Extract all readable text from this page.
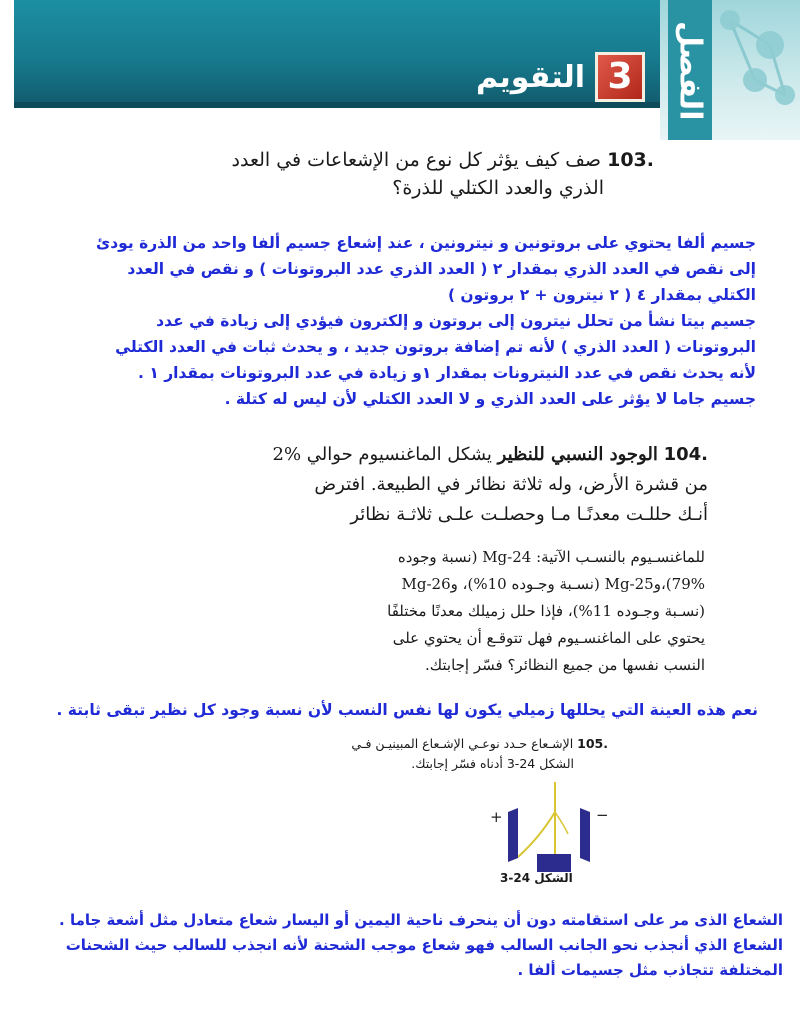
التقويم 3	الفصل
.103 صف كيف يؤثر كل نوع من الإشعاعات في العدد
الذري والعدد الكتلي للذرة؟
جسيم ألفا يحتوي على بروتونين و نيترونين ، عند إشعاع جسيم ألفا واحد من الذرة يودئ
إلى نقص في العدد الذري بمقدار ٢ ( العدد الذري عدد البروتونات ) و نقص في العدد
الكتلي بمقدار ٤ ( ٢ نيترون + ٢ بروتون )
جسيم بيتا نشأ من تحلل نيترون إلى بروتون و إلكترون فيؤدي إلى زيادة في عدد
البروتونات ( العدد الذري ) لأنه تم إضافة بروتون جديد ، و يحدث ثبات في العدد الكتلي
لأنه يحدث نقص في عدد النيترونات بمقدار ١و زيادة في عدد البروتونات بمقدار ١ .
جسيم جاما لا يؤثر على العدد الذري و لا العدد الكتلي لأن ليس له كتلة .
.104 الوجود النسبي للنظير يشكل الماغنسيوم حوالي %2
من قشرة الأرض، وله ثلاثة نظائر في الطبيعة. افترض
أنـك حللـت معدنًـا مـا وحصلـت علـى ثلاثـة نظائر
للماغنسـيوم بالنسـب الآتية: Mg-24 (نسبة وجوده
79%)،وMg-25 (نسـبة وجـوده 10%)، وMg-26
(نسـبة وجـوده 11%)، فإذا حلل زميلك معدنًا مختلفًا
يحتوي على الماغنسـيوم فهل تتوقـع أن يحتوي على
النسب نفسها من جميع النظائر؟ فسّر إجابتك.
نعم هذه العينة التي يحللها زميلي يكون لها نفس النسب لأن نسبة وجود كل نظير تبقى ثابتة .
.105 الإشـعاع حـدد نوعـي الإشـعاع المبينيـن فـي
الشكل 24-3 أدناه فسّر إجابتك.
+	−
الشكل 24-3
الشعاع الذى مر على استقامته دون أن ينحرف ناحية اليمين أو اليسار شعاع متعادل مثل أشعة جاما .
الشعاع الذي أنجذب نحو الجانب السالب فهو شعاع موجب الشحنة لأنه انجذب للسالب حيث الشحنات
المختلفة تتجاذب مثل جسيمات ألفا .
